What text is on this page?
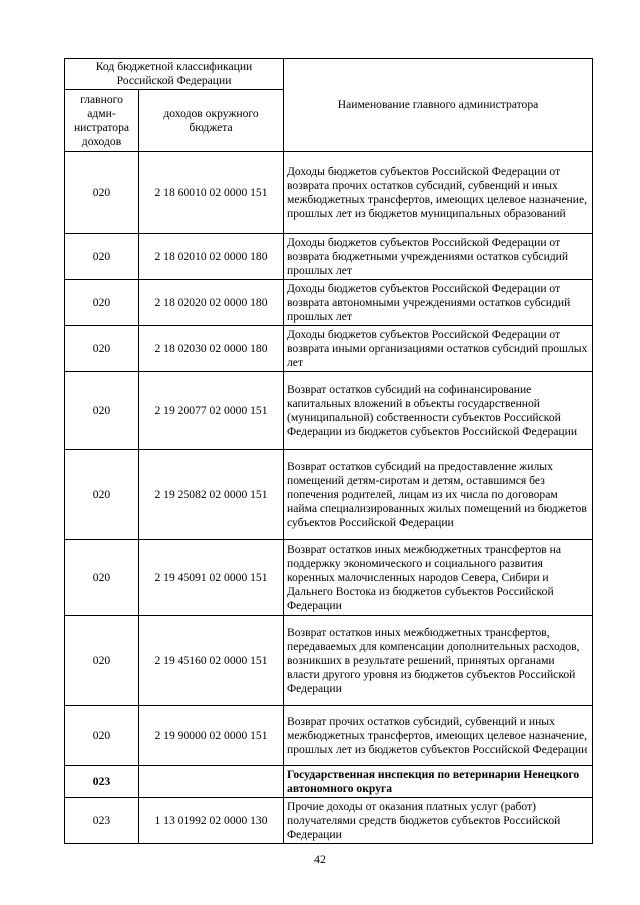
Код бюджетной классификации Российской Федерации		Наименование главного администратора
главного адми-нистратора доходов	доходов окружного бюджета	
020	2 18 60010 02 0000 151	Доходы бюджетов субъектов Российской Федерации от возврата прочих остатков субсидий, субвенций и иных межбюджетных трансфертов, имеющих целевое назначение, прошлых лет из бюджетов муниципальных образований
020	2 18 02010 02 0000 180	Доходы бюджетов субъектов Российской Федерации от возврата бюджетными учреждениями остатков субсидий прошлых лет
020	2 18 02020 02 0000 180	Доходы бюджетов субъектов Российской Федерации от возврата автономными учреждениями остатков субсидий прошлых лет
020	2 18 02030 02 0000 180	Доходы бюджетов субъектов Российской Федерации от возврата иными организациями остатков субсидий прошлых лет
020	2 19 20077 02 0000 151	Возврат остатков субсидий на софинансирование капитальных вложений в объекты государственной (муниципальной) собственности субъектов Российской Федерации из бюджетов субъектов Российской Федерации
020	2 19 25082 02 0000 151	Возврат остатков субсидий на предоставление жилых помещений детям-сиротам и детям, оставшимся без попечения родителей, лицам из их числа по договорам найма специализированных жилых помещений из бюджетов субъектов Российской Федерации
020	2 19 45091 02 0000 151	Возврат остатков иных межбюджетных трансфертов на поддержку экономического и социального развития коренных малочисленных народов Севера, Сибири и Дальнего Востока из бюджетов субъектов Российской Федерации
020	2 19 45160 02 0000 151	Возврат остатков иных межбюджетных трансфертов, передаваемых для компенсации дополнительных расходов, возникших в результате решений, принятых органами власти другого уровня из бюджетов субъектов Российской Федерации
020	2 19 90000 02 0000 151	Возврат прочих остатков субсидий, субвенций и иных межбюджетных трансфертов, имеющих целевое назначение, прошлых лет из бюджетов субъектов Российской Федерации
023		Государственная инспекция по ветеринарии Ненецкого автономного округа
023	1 13 01992 02 0000 130	Прочие доходы от оказания платных услуг (работ) получателями средств бюджетов субъектов Российской Федерации
42
